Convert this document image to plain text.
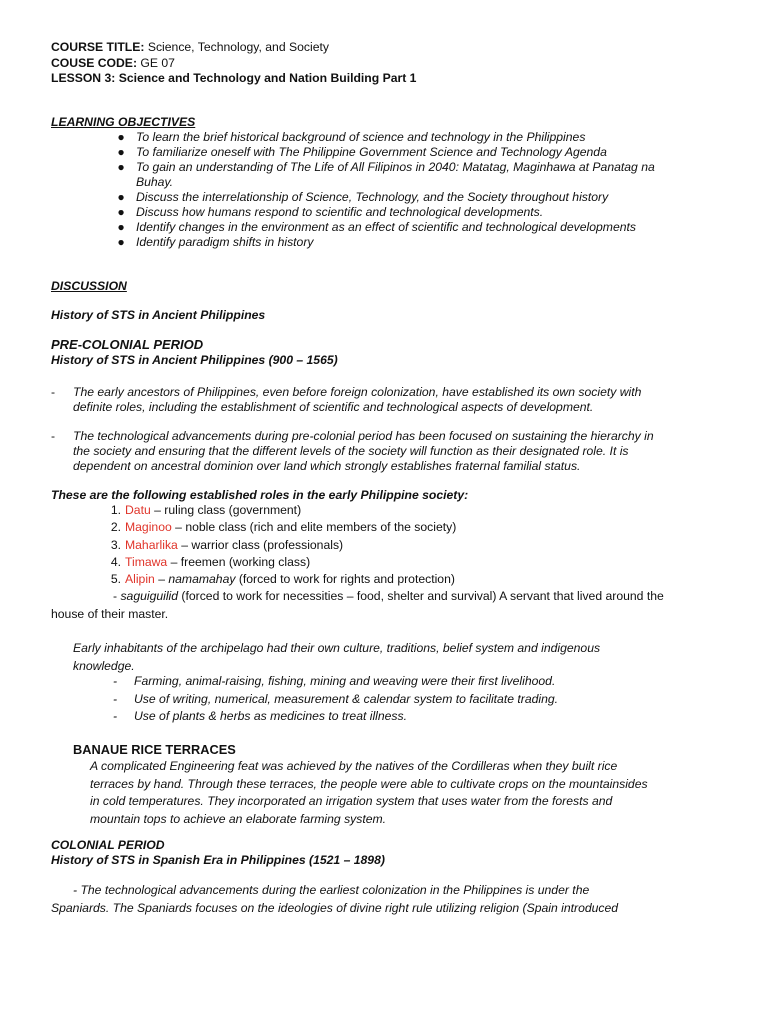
COURSE TITLE: Science, Technology, and Society
COUSE CODE: GE 07
LESSON 3: Science and Technology and Nation Building Part 1
LEARNING OBJECTIVES
● To learn the brief historical background of science and technology in the Philippines
● To familiarize oneself with The Philippine Government Science and Technology Agenda
● To gain an understanding of The Life of All Filipinos in 2040: Matatag, Maginhawa at Panatag na
Buhay.
● Discuss the interrelationship of Science, Technology, and the Society throughout history
● Discuss how humans respond to scientific and technological developments.
● Identify changes in the environment as an effect of scientific and technological developments
● Identify paradigm shifts in history
DISCUSSION
History of STS in Ancient Philippines
PRE-COLONIAL PERIOD
History of STS in Ancient Philippines (900 – 1565)
- The early ancestors of Philippines, even before foreign colonization, have established its own society with
definite roles, including the establishment of scientific and technological aspects of development.
- The technological advancements during pre-colonial period has been focused on sustaining the hierarchy in
the society and ensuring that the different levels of the society will function as their designated role. It is
dependent on ancestral dominion over land which strongly establishes fraternal familial status.
These are the following established roles in the early Philippine society:
1. Datu – ruling class (government)
2. Maginoo – noble class (rich and elite members of the society)
3. Maharlika – warrior class (professionals)
4. Timawa – freemen (working class)
5. Alipin – namamahay (forced to work for rights and protection)
- saguiguilid (forced to work for necessities – food, shelter and survival) A servant that lived around the
house of their master.
Early inhabitants of the archipelago had their own culture, traditions, belief system and indigenous
knowledge.
- Farming, animal-raising, fishing, mining and weaving were their first livelihood.
- Use of writing, numerical, measurement & calendar system to facilitate trading.
- Use of plants & herbs as medicines to treat illness.
BANAUE RICE TERRACES
A complicated Engineering feat was achieved by the natives of the Cordilleras when they built rice
terraces by hand. Through these terraces, the people were able to cultivate crops on the mountainsides
in cold temperatures. They incorporated an irrigation system that uses water from the forests and
mountain tops to achieve an elaborate farming system.
COLONIAL PERIOD
History of STS in Spanish Era in Philippines (1521 – 1898)
- The technological advancements during the earliest colonization in the Philippines is under the
Spaniards. The Spaniards focuses on the ideologies of divine right rule utilizing religion (Spain introduced
